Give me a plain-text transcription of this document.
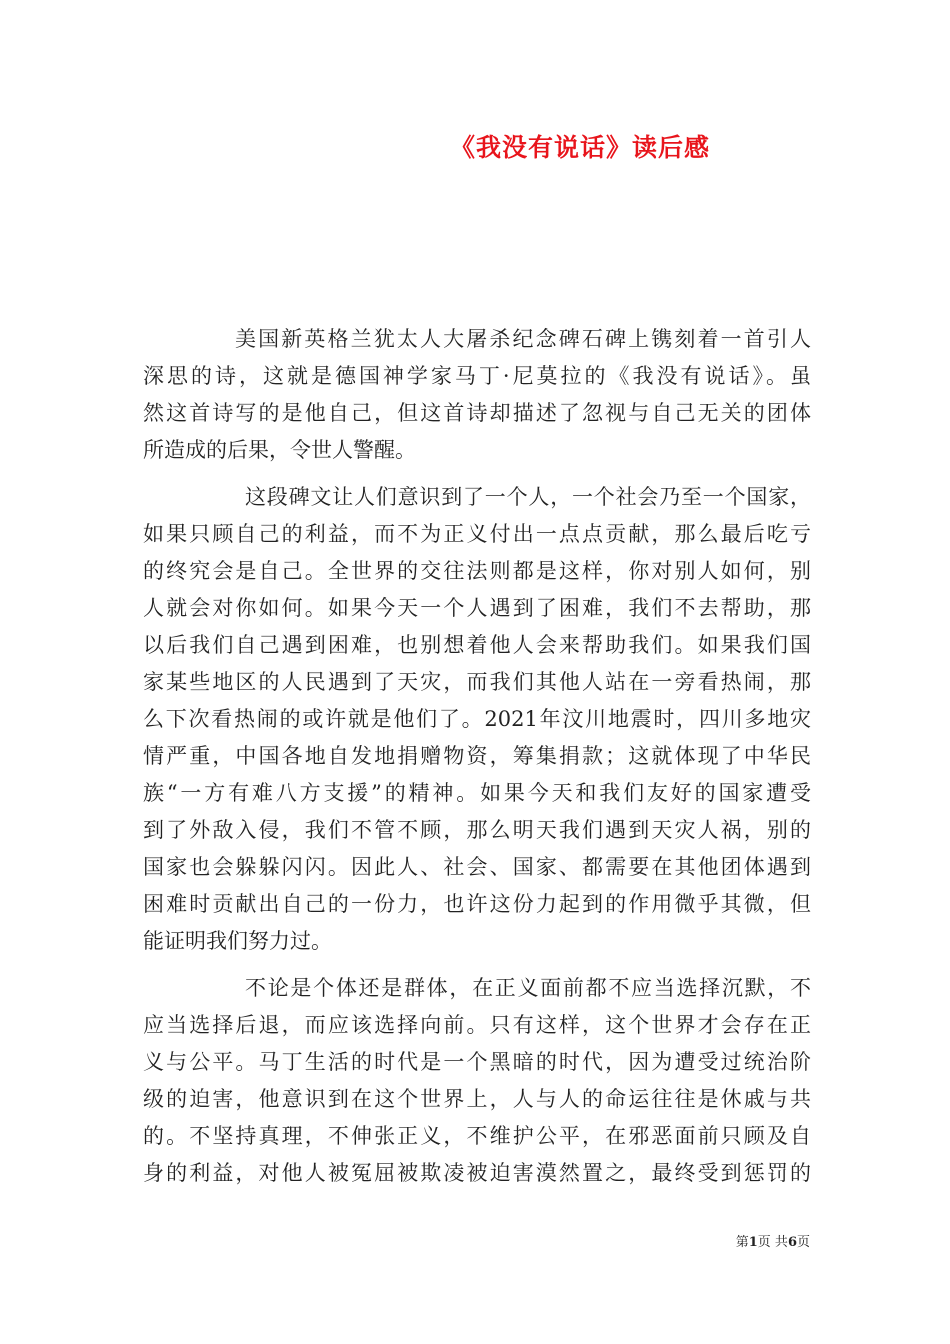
《我没有说话》读后感

美国新英格兰犹太人大屠杀纪念碑石碑上镌刻着一首引人
深思的诗，这就是德国神学家马丁·尼莫拉的《我没有说话》。虽
然这首诗写的是他自己，但这首诗却描述了忽视与自己无关的团体
所造成的后果，令世人警醒。

这段碑文让人们意识到了一个人，一个社会乃至一个国家，
如果只顾自己的利益，而不为正义付出一点点贡献，那么最后吃亏
的终究会是自己。全世界的交往法则都是这样，你对别人如何，别
人就会对你如何。如果今天一个人遇到了困难，我们不去帮助，那
以后我们自己遇到困难，也别想着他人会来帮助我们。如果我们国
家某些地区的人民遇到了天灾，而我们其他人站在一旁看热闹，那
么下次看热闹的或许就是他们了。2021年汶川地震时，四川多地灾
情严重，中国各地自发地捐赠物资，筹集捐款；这就体现了中华民
族“一方有难八方支援”的精神。如果今天和我们友好的国家遭受
到了外敌入侵，我们不管不顾，那么明天我们遇到天灾人祸，别的
国家也会躲躲闪闪。因此人、社会、国家、都需要在其他团体遇到
困难时贡献出自己的一份力，也许这份力起到的作用微乎其微，但
能证明我们努力过。

不论是个体还是群体，在正义面前都不应当选择沉默，不
应当选择后退，而应该选择向前。只有这样，这个世界才会存在正
义与公平。马丁生活的时代是一个黑暗的时代，因为遭受过统治阶
级的迫害，他意识到在这个世界上，人与人的命运往往是休戚与共
的。不坚持真理，不伸张正义，不维护公平，在邪恶面前只顾及自
身的利益，对他人被冤屈被欺凌被迫害漠然置之，最终受到惩罚的

第1页 共6页
